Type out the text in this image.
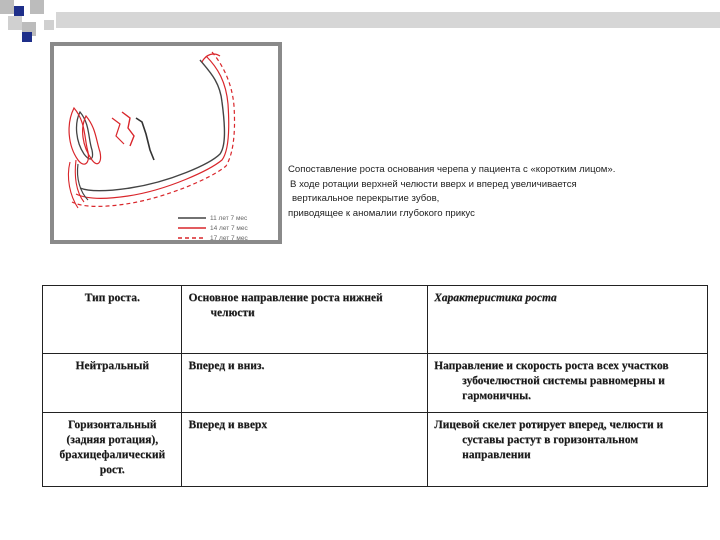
11 лет 7 мес
14 лет 7 мес
17 лет 7 мес
Сопоставление роста основания черепа у пациента с «коротким лицом».
В ходе ротации верхней челюсти вверх и вперед увеличивается
вертикальное перекрытие зубов,
приводящее к аномалии глубокого прикус
Тип роста.	Основное направление роста нижней челюсти	Характеристика роста
Нейтральный	Вперед и вниз.	Направление и скорость роста всех участков зубочелюстной системы равномерны и гармоничны.
Горизонтальный (задняя ротация), брахицефалический рост.	Вперед и вверх	Лицевой скелет ротирует вперед, челюсти и суставы растут в горизонтальном направлении
